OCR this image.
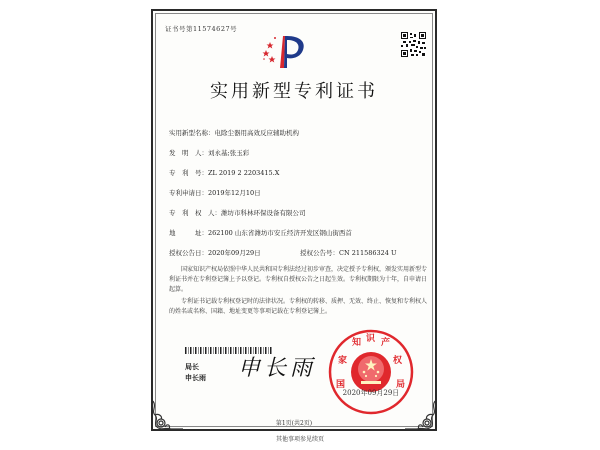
证书号第11574627号
实用新型专利证书
实用新型名称：电除尘器用高效反应辅助机构
发　明　人：刘永基;张玉彩
专　利　号：ZL 2019 2 2203415.X
专利申请日：2019年12月10日
专　利　权　人：潍坊市科林环保设备有限公司
地　　　址：262100 山东省潍坊市安丘经济开发区钢山街西首
授权公告日：2020年09月29日	授权公告号：CN 211586324 U
国家知识产权局依照中华人民共和国专利法经过初步审查，决定授予专利权，颁发实用新型专利证书并在专利登记簿上予以登记。专利权自授权公告之日起生效。专利权期限为十年，自申请日起算。
专利证书记载专利权登记时的法律状况。专利权的转移、质押、无效、终止、恢复和专利权人的姓名或名称、国籍、地址变更等事项记载在专利登记簿上。
局长
申长雨 申长雨
国
家
知 识 产
权
局
2020年09月29日
第1页(共2页)
其他事项参见续页
